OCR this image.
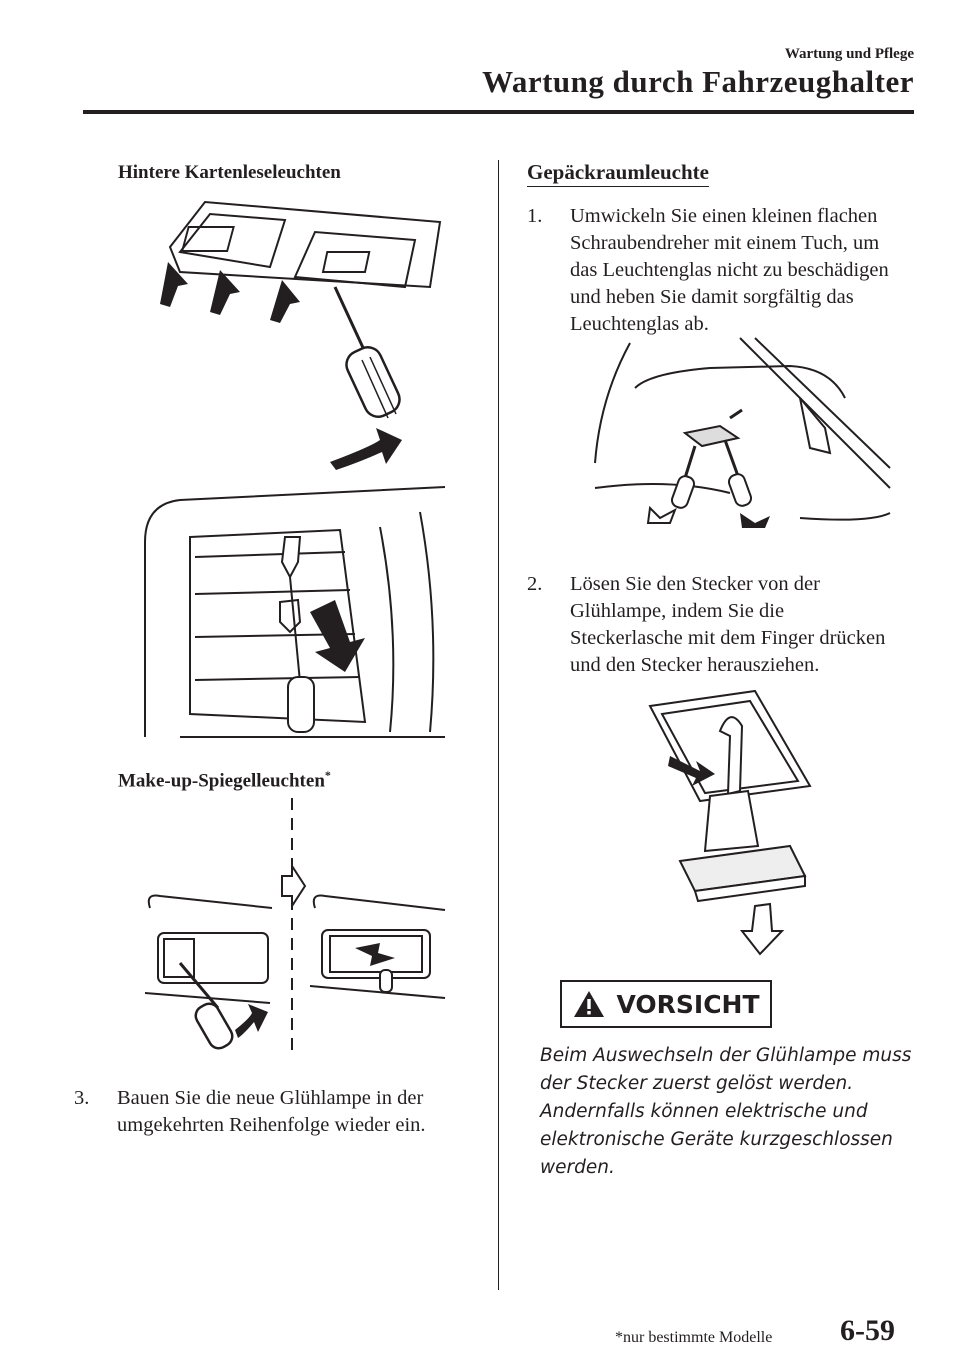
Wartung und Pflege
Wartung durch Fahrzeughalter
Hintere Kartenleseleuchten
Make-up-Spiegelleuchten*
3. Bauen Sie die neue Glühlampe in der
umgekehrten Reihenfolge wieder ein.
Gepäckraumleuchte
1. Umwickeln Sie einen kleinen flachen
Schraubendreher mit einem Tuch, um
das Leuchtenglas nicht zu beschädigen
und heben Sie damit sorgfältig das
Leuchtenglas ab.
2. Lösen Sie den Stecker von der
Glühlampe, indem Sie die
Steckerlasche mit dem Finger drücken
und den Stecker herausziehen.
VORSICHT
Beim Auswechseln der Glühlampe muss
der Stecker zuerst gelöst werden.
Andernfalls können elektrische und
elektronische Geräte kurzgeschlossen
werden.
*nur bestimmte Modelle 6-59
